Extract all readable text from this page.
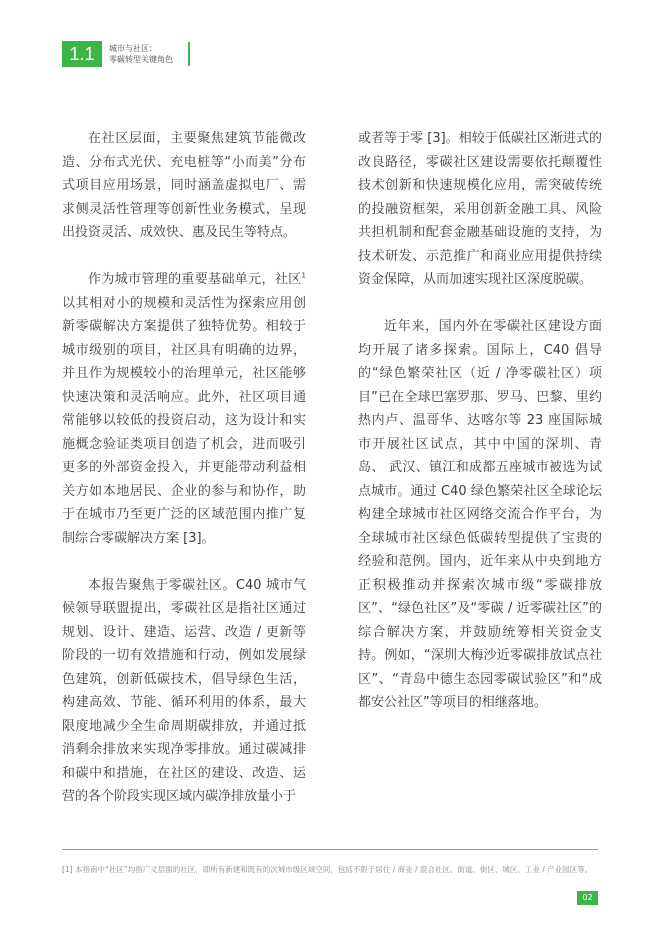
1.1	城市与社区：
零碳转型关键角色

在社区层面，主要聚焦建筑节能微改造、分布式光伏、充电桩等“小而美”分布式项目应用场景，同时涵盖虚拟电厂、需求侧灵活性管理等创新性业务模式，呈现出投资灵活、成效快、惠及民生等特点。

作为城市管理的重要基础单元，社区$^1$以其相对小的规模和灵活性为探索应用创新零碳解决方案提供了独特优势。相较于城市级别的项目，社区具有明确的边界，并且作为规模较小的治理单元，社区能够快速决策和灵活响应。此外，社区项目通常能够以较低的投资启动，这为设计和实施概念验证类项目创造了机会，进而吸引更多的外部资金投入，并更能带动利益相关方如本地居民、企业的参与和协作，助于在城市乃至更广泛的区域范围内推广复制综合零碳解决方案 [3]。

本报告聚焦于零碳社区。C40 城市气候领导联盟提出，零碳社区是指社区通过规划、设计、建造、运营、改造 / 更新等阶段的一切有效措施和行动，例如发展绿色建筑，创新低碳技术，倡导绿色生活，构建高效、节能、循环利用的体系，最大限度地减少全生命周期碳排放，并通过抵消剩余排放来实现净零排放。通过碳减排和碳中和措施，在社区的建设、改造、运营的各个阶段实现区域内碳净排放量小于

或者等于零 [3]。相较于低碳社区渐进式的改良路径，零碳社区建设需要依托颠覆性技术创新和快速规模化应用，需突破传统的投融资框架，采用创新金融工具、风险共担机制和配套金融基础设施的支持，为技术研发、示范推广和商业应用提供持续资金保障，从而加速实现社区深度脱碳。

近年来，国内外在零碳社区建设方面均开展了诸多探索。国际上，C40 倡导的“绿色繁荣社区（近 / 净零碳社区）项目”已在全球巴塞罗那、罗马、巴黎、里约热内卢、温哥华、达喀尔等 23 座国际城市开展社区试点，其中中国的深圳、青岛、 武汉、镇江和成都五座城市被选为试点城市。通过 C40 绿色繁荣社区全球论坛构建全球城市社区网络交流合作平台，为全球城市社区绿色低碳转型提供了宝贵的经验和范例。国内，近年来从中央到地方正积极推动并探索次城市级“零碳排放区”、“绿色社区”及“零碳 / 近零碳社区”的综合解决方案，并鼓励统筹相关资金支持。例如，“深圳大梅沙近零碳排放试点社区”、“青岛中德生态园零碳试验区”和“成都安公社区”等项目的相继落地。

[1] 本指南中“社区”均指广义层面的社区，即所有新建和既有的次城市级区域空间，包括不限于居住 / 商业 / 混合社区、街道、街区、城区、工业 / 产业园区等。
02
